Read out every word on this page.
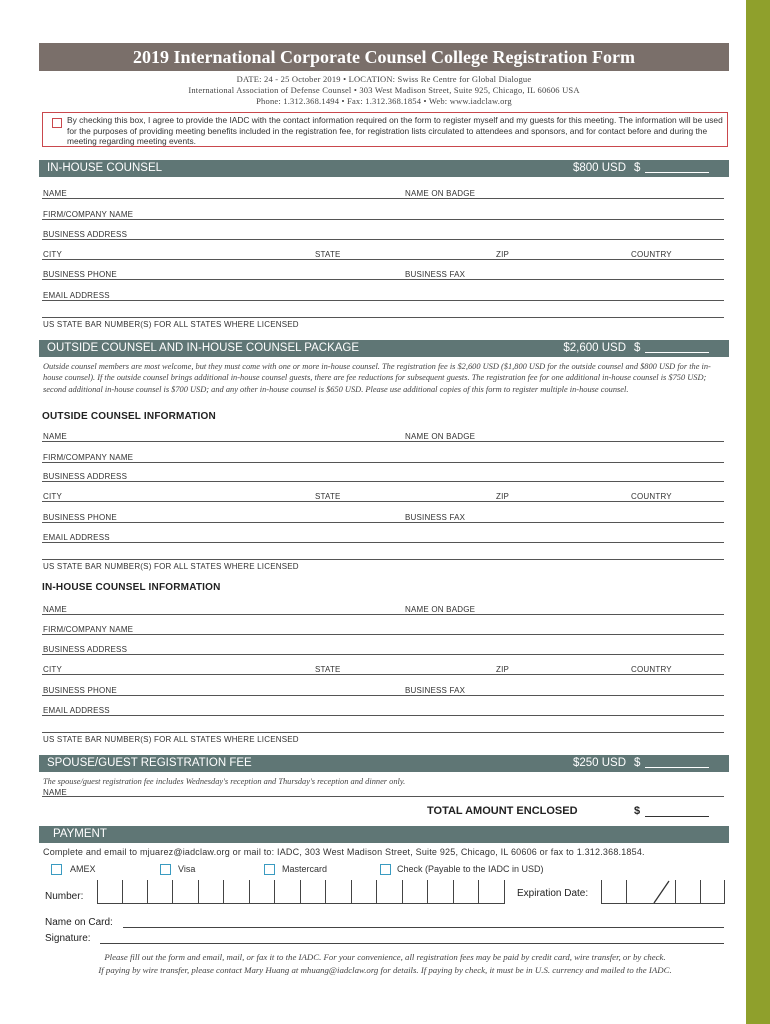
2019 International Corporate Counsel College Registration Form
DATE: 24 - 25 October 2019 • LOCATION: Swiss Re Centre for Global Dialogue
International Association of Defense Counsel • 303 West Madison Street, Suite 925, Chicago, IL 60606 USA
Phone: 1.312.368.1494 • Fax: 1.312.368.1854 • Web: www.iadclaw.org
By checking this box, I agree to provide the IADC with the contact information required on the form to register myself and my guests for this meeting. The information will be used for the purposes of providing meeting benefits included in the registration fee, for registration lists circulated to attendees and sponsors, and for contact before and during the meeting regarding meeting events.
IN-HOUSE COUNSEL	$800 USD $
NAME	NAME ON BADGE
FIRM/COMPANY NAME
BUSINESS ADDRESS
CITY	STATE	ZIP	COUNTRY
BUSINESS PHONE	BUSINESS FAX
EMAIL ADDRESS
US STATE BAR NUMBER(S) FOR ALL STATES WHERE LICENSED
OUTSIDE COUNSEL AND IN-HOUSE COUNSEL PACKAGE	$2,600 USD $
Outside counsel members are most welcome, but they must come with one or more in-house counsel. The registration fee is $2,600 USD ($1,800 USD for the outside counsel and $800 USD for the in-house counsel). If the outside counsel brings additional in-house counsel guests, there are fee reductions for subsequent guests. The registration fee for one additional in-house counsel is $750 USD; second additional in-house counsel is $700 USD; and any other in-house counsel is $650 USD. Please use additional copies of this form to register multiple in-house counsel.
OUTSIDE COUNSEL INFORMATION
NAME	NAME ON BADGE
FIRM/COMPANY NAME
BUSINESS ADDRESS
CITY	STATE	ZIP	COUNTRY
BUSINESS PHONE	BUSINESS FAX
EMAIL ADDRESS
US STATE BAR NUMBER(S) FOR ALL STATES WHERE LICENSED
IN-HOUSE COUNSEL INFORMATION
NAME	NAME ON BADGE
FIRM/COMPANY NAME
BUSINESS ADDRESS
CITY	STATE	ZIP	COUNTRY
BUSINESS PHONE	BUSINESS FAX
EMAIL ADDRESS
US STATE BAR NUMBER(S) FOR ALL STATES WHERE LICENSED
SPOUSE/GUEST REGISTRATION FEE	$250 USD $
The spouse/guest registration fee includes Wednesday's reception and Thursday's reception and dinner only.
NAME
TOTAL AMOUNT ENCLOSED	$
PAYMENT
Complete and email to mjuarez@iadclaw.org or mail to: IADC, 303 West Madison Street, Suite 925, Chicago, IL 60606 or fax to 1.312.368.1854.
AMEX	Visa	Mastercard	Check (Payable to the IADC in USD)
Number:	Expiration Date:
Name on Card:
Signature:
Please fill out the form and email, mail, or fax it to the IADC. For your convenience, all registration fees may be paid by credit card, wire transfer, or by check.
If paying by wire transfer, please contact Mary Huang at mhuang@iadclaw.org for details. If paying by check, it must be in U.S. currency and mailed to the IADC.
